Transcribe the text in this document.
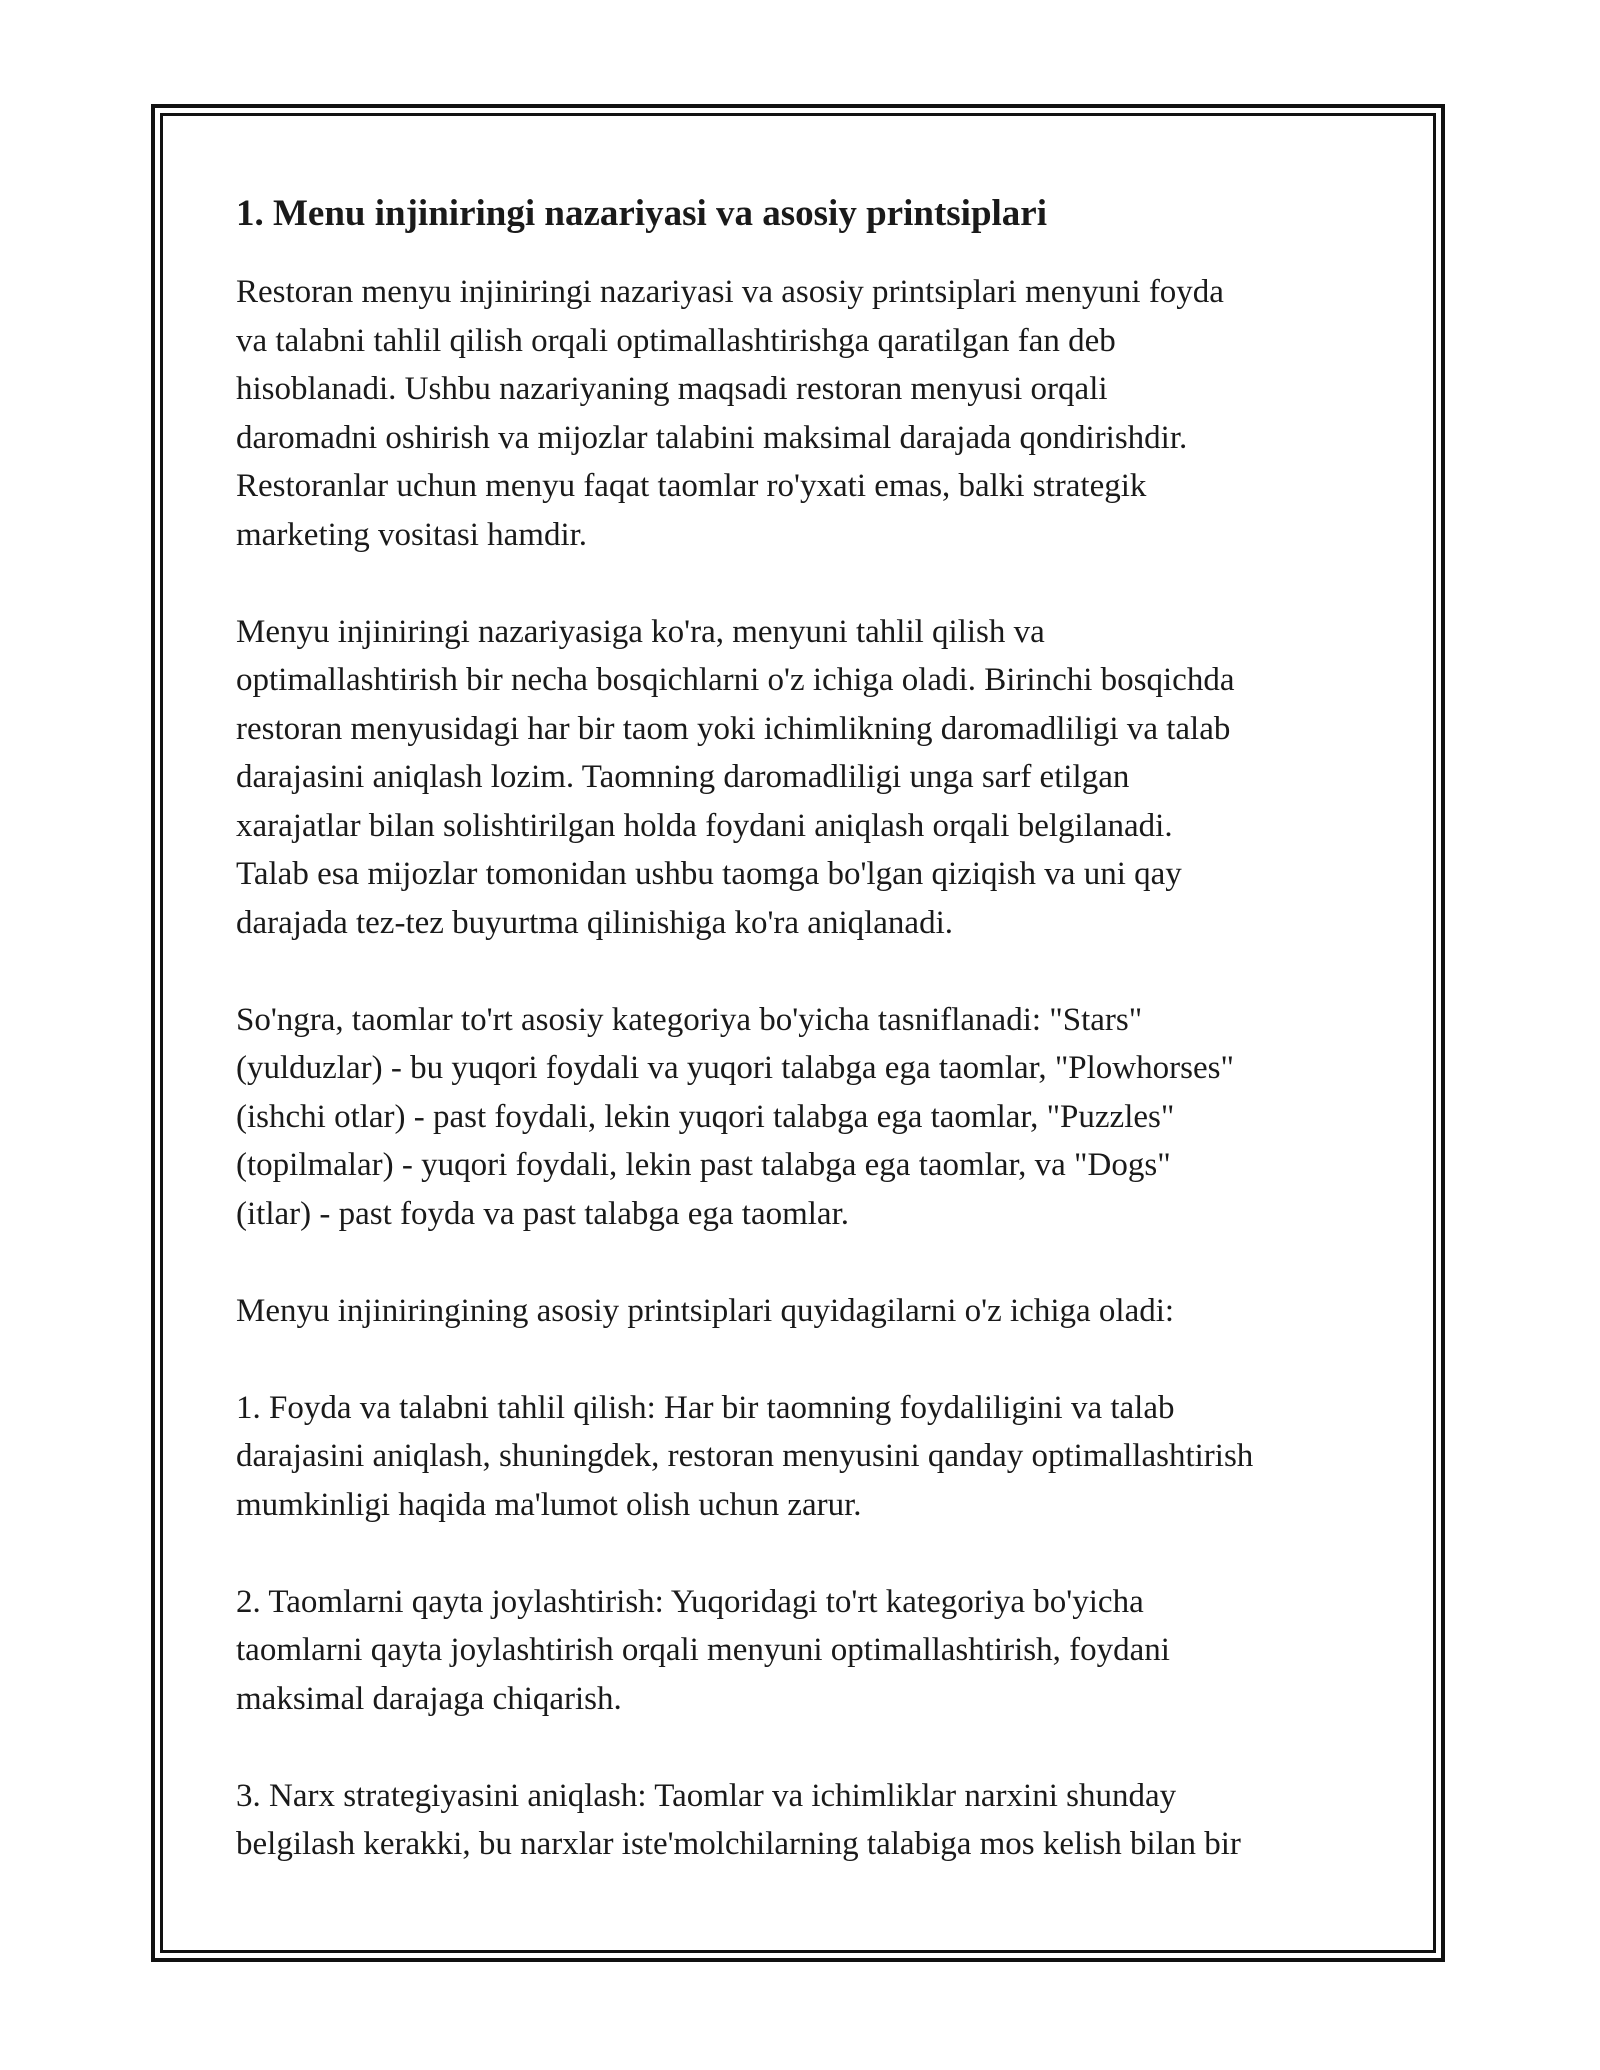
1. Menu injiniringi nazariyasi va asosiy printsiplari

Restoran menyu injiniringi nazariyasi va asosiy printsiplari menyuni foyda
va talabni tahlil qilish orqali optimallashtirishga qaratilgan fan deb
hisoblanadi. Ushbu nazariyaning maqsadi restoran menyusi orqali
daromadni oshirish va mijozlar talabini maksimal darajada qondirishdir.
Restoranlar uchun menyu faqat taomlar ro'yxati emas, balki strategik
marketing vositasi hamdir.

Menyu injiniringi nazariyasiga ko'ra, menyuni tahlil qilish va
optimallashtirish bir necha bosqichlarni o'z ichiga oladi. Birinchi bosqichda
restoran menyusidagi har bir taom yoki ichimlikning daromadliligi va talab
darajasini aniqlash lozim. Taomning daromadliligi unga sarf etilgan
xarajatlar bilan solishtirilgan holda foydani aniqlash orqali belgilanadi.
Talab esa mijozlar tomonidan ushbu taomga bo'lgan qiziqish va uni qay
darajada tez-tez buyurtma qilinishiga ko'ra aniqlanadi.

So'ngra, taomlar to'rt asosiy kategoriya bo'yicha tasniflanadi: "Stars"
(yulduzlar) - bu yuqori foydali va yuqori talabga ega taomlar, "Plowhorses"
(ishchi otlar) - past foydali, lekin yuqori talabga ega taomlar, "Puzzles"
(topilmalar) - yuqori foydali, lekin past talabga ega taomlar, va "Dogs"
(itlar) - past foyda va past talabga ega taomlar.

Menyu injiniringining asosiy printsiplari quyidagilarni o'z ichiga oladi:

1. Foyda va talabni tahlil qilish: Har bir taomning foydaliligini va talab
darajasini aniqlash, shuningdek, restoran menyusini qanday optimallashtirish
mumkinligi haqida ma'lumot olish uchun zarur.

2. Taomlarni qayta joylashtirish: Yuqoridagi to'rt kategoriya bo'yicha
taomlarni qayta joylashtirish orqali menyuni optimallashtirish, foydani
maksimal darajaga chiqarish.

3. Narx strategiyasini aniqlash: Taomlar va ichimliklar narxini shunday
belgilash kerakki, bu narxlar iste'molchilarning talabiga mos kelish bilan bir
